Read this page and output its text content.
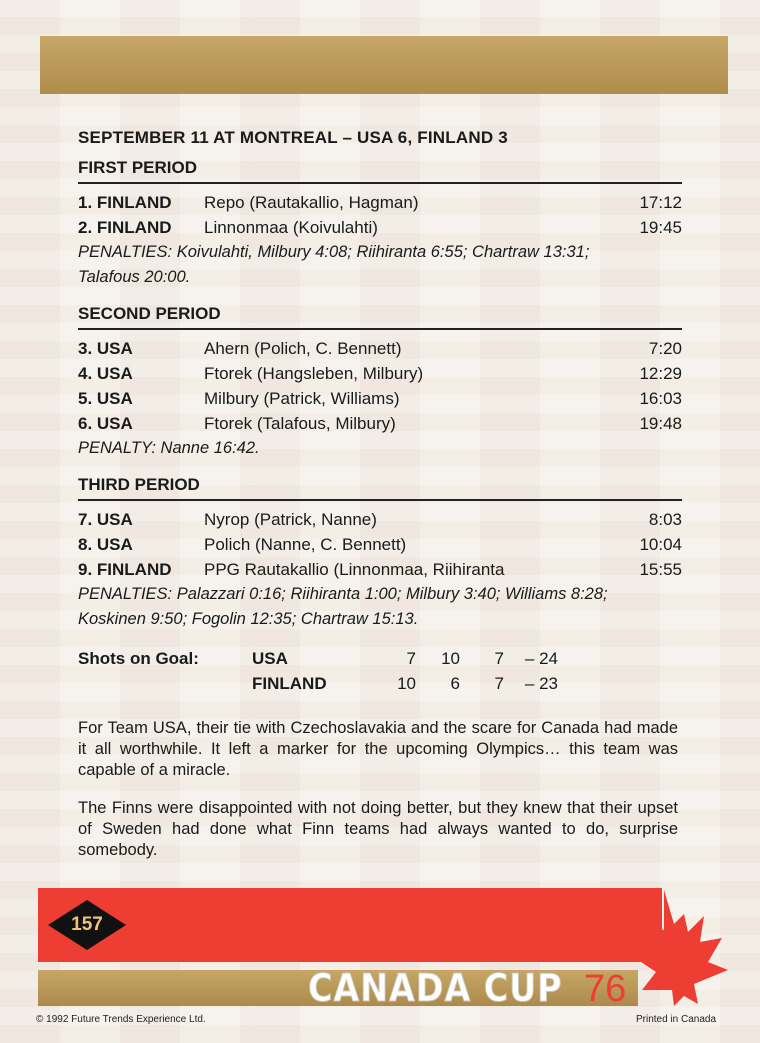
SEPTEMBER 11 AT MONTREAL – USA 6, FINLAND 3
FIRST PERIOD
1. FINLAND	Repo (Rautakallio, Hagman)	17:12
2. FINLAND	Linnonmaa (Koivulahti)	19:45
PENALTIES: Koivulahti, Milbury 4:08; Riihiranta 6:55; Chartraw 13:31;
Talafous 20:00.
SECOND PERIOD
3. USA	Ahern (Polich, C. Bennett)	7:20
4. USA	Ftorek (Hangsleben, Milbury)	12:29
5. USA	Milbury (Patrick, Williams)	16:03
6. USA	Ftorek (Talafous, Milbury)	19:48
PENALTY: Nanne 16:42.
THIRD PERIOD
7. USA	Nyrop (Patrick, Nanne)	8:03
8. USA	Polich (Nanne, C. Bennett)	10:04
9. FINLAND	PPG Rautakallio (Linnonmaa, Riihiranta	15:55
PENALTIES: Palazzari 0:16; Riihiranta 1:00; Milbury 3:40; Williams 8:28;
Koskinen 9:50; Fogolin 12:35; Chartraw 15:13.
Shots on Goal:	USA	7	10	7	– 24
FINLAND	10	6	7	– 23
For Team USA, their tie with Czechoslavakia and the scare for Canada had made it all worthwhile. It left a marker for the upcoming Olympics… this team was capable of a miracle.
The Finns were disappointed with not doing better, but they knew that their upset of Sweden had done what Finn teams had always wanted to do, surprise somebody.
157
CANADA CUP 76
© 1992 Future Trends Experience Ltd.	Printed in Canada
